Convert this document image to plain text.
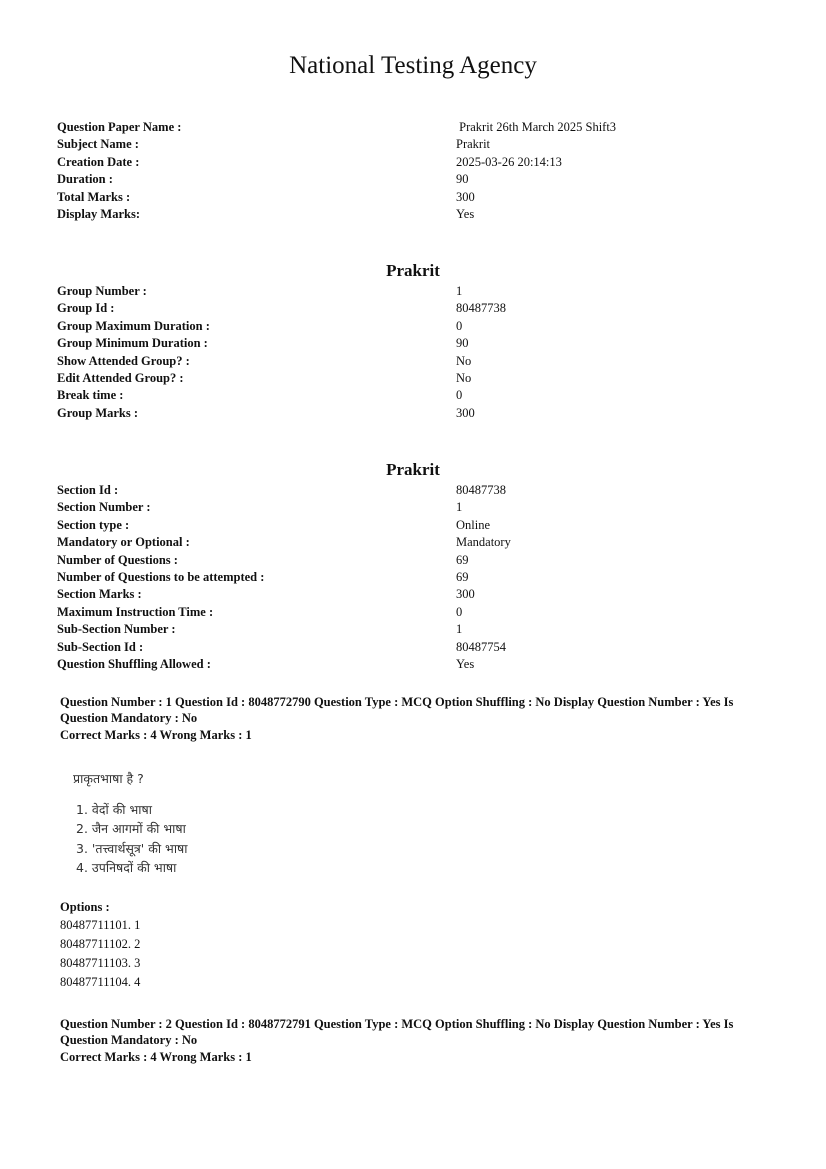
National Testing Agency
Question Paper Name :	Prakrit 26th March 2025 Shift3
Subject Name :	Prakrit
Creation Date :	2025-03-26 20:14:13
Duration :	90
Total Marks :	300
Display Marks:	Yes
Prakrit
Group Number :	1
Group Id :	80487738
Group Maximum Duration :	0
Group Minimum Duration :	90
Show Attended Group? :	No
Edit Attended Group? :	No
Break time :	0
Group Marks :	300
Prakrit
Section Id :	80487738
Section Number :	1
Section type :	Online
Mandatory or Optional :	Mandatory
Number of Questions :	69
Number of Questions to be attempted :	69
Section Marks :	300
Maximum Instruction Time :	0
Sub-Section Number :	1
Sub-Section Id :	80487754
Question Shuffling Allowed :	Yes
Question Number : 1 Question Id : 8048772790 Question Type : MCQ Option Shuffling : No Display Question Number : Yes Is
Question Mandatory : No
Correct Marks : 4 Wrong Marks : 1
प्राकृतभाषा है ?
1. वेदों की भाषा
2. जैन आगमों की भाषा
3. 'तत्त्वार्थसूत्र' की भाषा
4. उपनिषदों की भाषा
Options :
80487711101. 1
80487711102. 2
80487711103. 3
80487711104. 4
Question Number : 2 Question Id : 8048772791 Question Type : MCQ Option Shuffling : No Display Question Number : Yes Is
Question Mandatory : No
Correct Marks : 4 Wrong Marks : 1
